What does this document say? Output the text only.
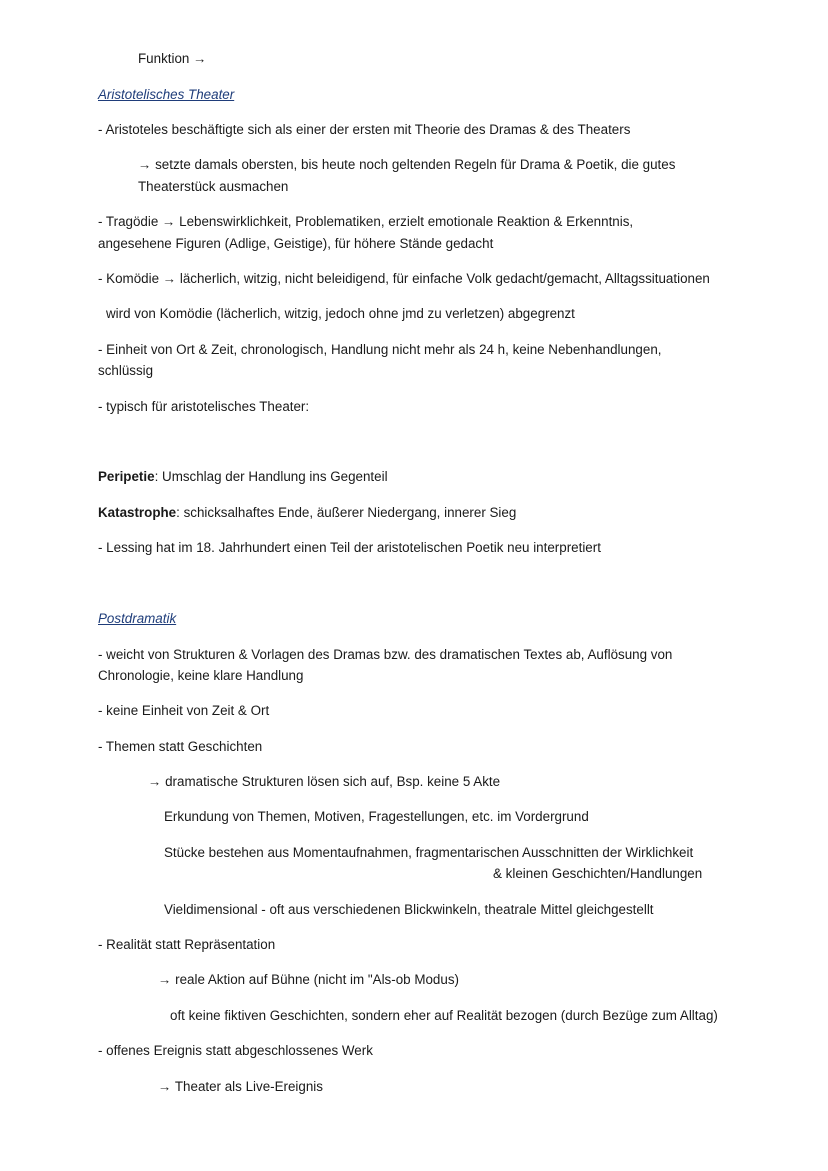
Funktion →
Aristotelisches Theater
- Aristoteles beschäftigte sich als einer der ersten mit Theorie des Dramas & des Theaters
→ setzte damals obersten, bis heute noch geltenden Regeln für Drama & Poetik, die gutes
Theaterstück ausmachen
- Tragödie → Lebenswirklichkeit, Problematiken, erzielt emotionale Reaktion & Erkenntnis,
angesehene Figuren (Adlige, Geistige), für höhere Stände gedacht
- Komödie → lächerlich, witzig, nicht beleidigend, für einfache Volk gedacht/gemacht, Alltagssituationen
wird von Komödie (lächerlich, witzig, jedoch ohne jmd zu verletzen) abgegrenzt
- Einheit von Ort & Zeit, chronologisch, Handlung nicht mehr als 24 h, keine Nebenhandlungen,
schlüssig
- typisch für aristotelisches Theater:
Peripetie: Umschlag der Handlung ins Gegenteil
Katastrophe: schicksalhaftes Ende, äußerer Niedergang, innerer Sieg
- Lessing hat im 18. Jahrhundert einen Teil der aristotelischen Poetik neu interpretiert
Postdramatik
- weicht von Strukturen & Vorlagen des Dramas bzw. des dramatischen Textes ab, Auflösung von
Chronologie, keine klare Handlung
- keine Einheit von Zeit & Ort
- Themen statt Geschichten
→ dramatische Strukturen lösen sich auf, Bsp. keine 5 Akte
Erkundung von Themen, Motiven, Fragestellungen, etc. im Vordergrund
Stücke bestehen aus Momentaufnahmen, fragmentarischen Ausschnitten der Wirklichkeit
& kleinen Geschichten/Handlungen
Vieldimensional - oft aus verschiedenen Blickwinkeln, theatrale Mittel gleichgestellt
- Realität statt Repräsentation
→ reale Aktion auf Bühne (nicht im "Als-ob Modus)
oft keine fiktiven Geschichten, sondern eher auf Realität bezogen (durch Bezüge zum Alltag)
- offenes Ereignis statt abgeschlossenes Werk
→ Theater als Live-Ereignis
